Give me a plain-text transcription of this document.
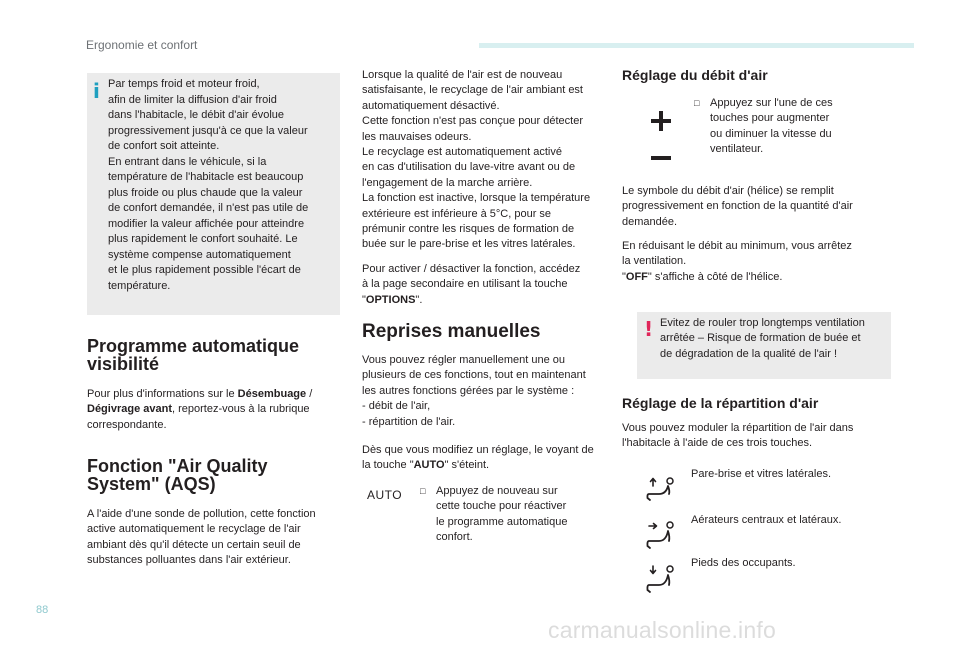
Ergonomie et confort
i Par temps froid et moteur froid,
afin de limiter la diffusion d'air froid
dans l'habitacle, le débit d'air évolue
progressivement jusqu'à ce que la valeur
de confort soit atteinte.
En entrant dans le véhicule, si la
température de l'habitacle est beaucoup
plus froide ou plus chaude que la valeur
de confort demandée, il n'est pas utile de
modifier la valeur affichée pour atteindre
plus rapidement le confort souhaité. Le
système compense automatiquement
et le plus rapidement possible l'écart de
température.
Programme automatique
visibilité
Pour plus d'informations sur le Désembuage /
Dégivrage avant, reportez-vous à la rubrique
correspondante.
Fonction "Air Quality
System" (AQS)
A l'aide d'une sonde de pollution, cette fonction
active automatiquement le recyclage de l'air
ambiant dès qu'il détecte un certain seuil de
substances polluantes dans l'air extérieur.
Lorsque la qualité de l'air est de nouveau
satisfaisante, le recyclage de l'air ambiant est
automatiquement désactivé.
Cette fonction n'est pas conçue pour détecter
les mauvaises odeurs.
Le recyclage est automatiquement activé
en cas d'utilisation du lave-vitre avant ou de
l'engagement de la marche arrière.
La fonction est inactive, lorsque la température
extérieure est inférieure à 5°C, pour se
prémunir contre les risques de formation de
buée sur le pare-brise et les vitres latérales.
Pour activer / désactiver la fonction, accédez
à la page secondaire en utilisant la touche
"OPTIONS".
Reprises manuelles
Vous pouvez régler manuellement une ou
plusieurs de ces fonctions, tout en maintenant
les autres fonctions gérées par le système :
- débit de l'air,
- répartition de l'air.
Dès que vous modifiez un réglage, le voyant de
la touche "AUTO" s'éteint.
AUTO □ Appuyez de nouveau sur
cette touche pour réactiver
le programme automatique
confort.
Réglage du débit d'air
□ Appuyez sur l'une de ces
touches pour augmenter
ou diminuer la vitesse du
ventilateur.
Le symbole du débit d'air (hélice) se remplit
progressivement en fonction de la quantité d'air
demandée.
En réduisant le débit au minimum, vous arrêtez
la ventilation.
"OFF" s'affiche à côté de l'hélice.
! Evitez de rouler trop longtemps ventilation
arrêtée – Risque de formation de buée et
de dégradation de la qualité de l'air !
Réglage de la répartition d'air
Vous pouvez moduler la répartition de l'air dans
l'habitacle à l'aide de ces trois touches.
Pare-brise et vitres latérales.
Aérateurs centraux et latéraux.
Pieds des occupants.
88
carmanualsonline.info
